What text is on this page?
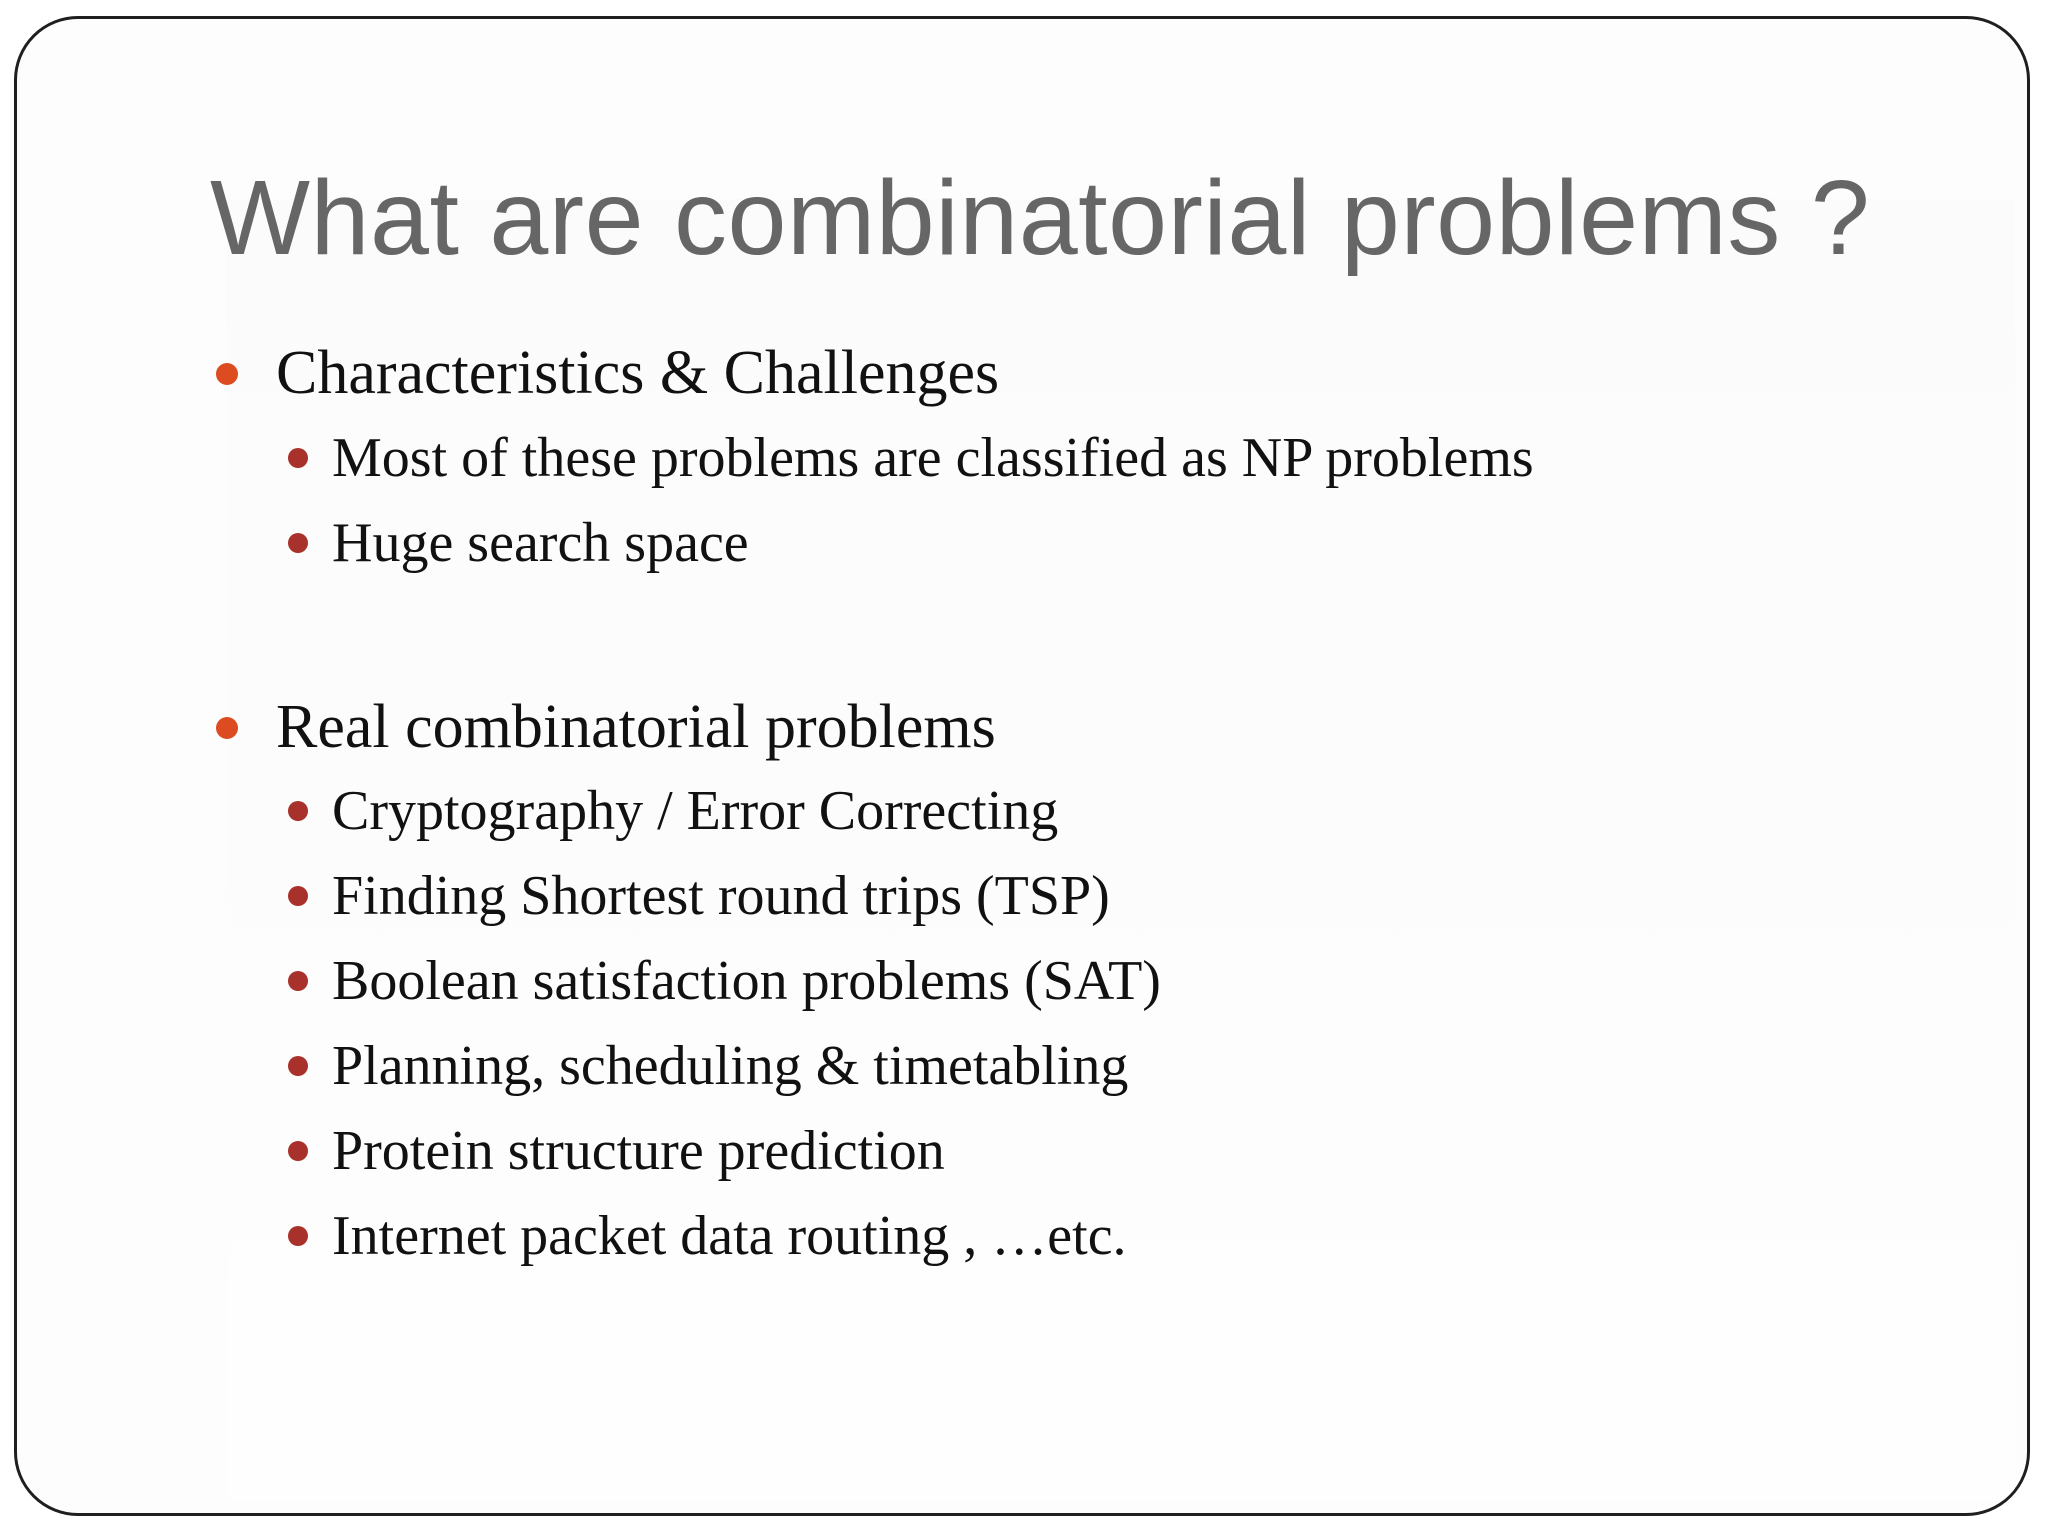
What are combinatorial problems ?
Characteristics & Challenges
Most of these problems are classified as NP problems
Huge search space
Real combinatorial problems
Cryptography / Error Correcting
Finding Shortest round trips (TSP)
Boolean satisfaction problems (SAT)
Planning, scheduling & timetabling
Protein structure prediction
Internet packet data routing , …etc.
